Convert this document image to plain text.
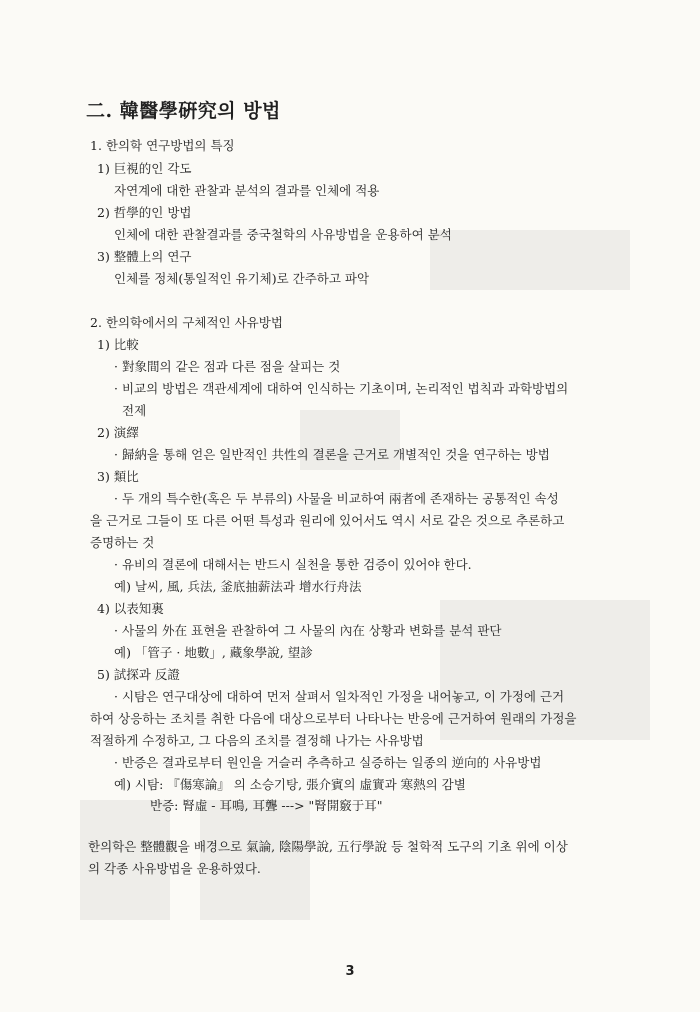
二. 韓醫學硏究의 방법

1. 한의학 연구방법의 특징

1) 巨視的인 각도

자연계에 대한 관찰과 분석의 결과를 인체에 적용

2) 哲學的인 방법

인체에 대한 관찰결과를 중국철학의 사유방법을 운용하여 분석

3) 整體上의 연구

인체를 정체(통일적인 유기체)로 간주하고 파악

2. 한의학에서의 구체적인 사유방법

1) 比較

· 對象間의 같은 점과 다른 점을 살피는 것

· 비교의 방법은 객관세계에 대하여 인식하는 기초이며, 논리적인 법칙과 과학방법의

전제

2) 演繹

· 歸納을 통해 얻은 일반적인 共性의 결론을 근거로 개별적인 것을 연구하는 방법

3) 類比

· 두 개의 특수한(혹은 두 부류의) 사물을 비교하여 兩者에 존재하는 공통적인 속성

을 근거로 그들이 또 다른 어떤 특성과 원리에 있어서도 역시 서로 같은 것으로 추론하고

증명하는 것

· 유비의 결론에 대해서는 반드시 실천을 통한 검증이 있어야 한다.

예) 날씨, 風, 兵法, 釜底抽薪法과 增水行舟法

4) 以表知裏

· 사물의 外在 표현을 관찰하여 그 사물의 內在 상황과 변화를 분석 판단

예) 「管子 · 地數」, 藏象學說, 望診

5) 試探과 反證

· 시탐은 연구대상에 대하여 먼저 살펴서 일차적인 가정을 내어놓고, 이 가정에 근거

하여 상응하는 조치를 취한 다음에 대상으로부터 나타나는 반응에 근거하여 원래의 가정을

적절하게 수정하고, 그 다음의 조치를 결정해 나가는 사유방법

· 반증은 결과로부터 원인을 거슬러 추측하고 실증하는 일종의 逆向的 사유방법

예) 시탐: 『傷寒論』 의 소승기탕, 張介賓의 虛實과 寒熱의 감별

반증: 腎虛 - 耳鳴, 耳聾 ---> "腎開竅于耳"

한의학은 整體觀을 배경으로 氣論, 陰陽學說, 五行學說 등 철학적 도구의 기초 위에 이상

의 각종 사유방법을 운용하였다.

3
